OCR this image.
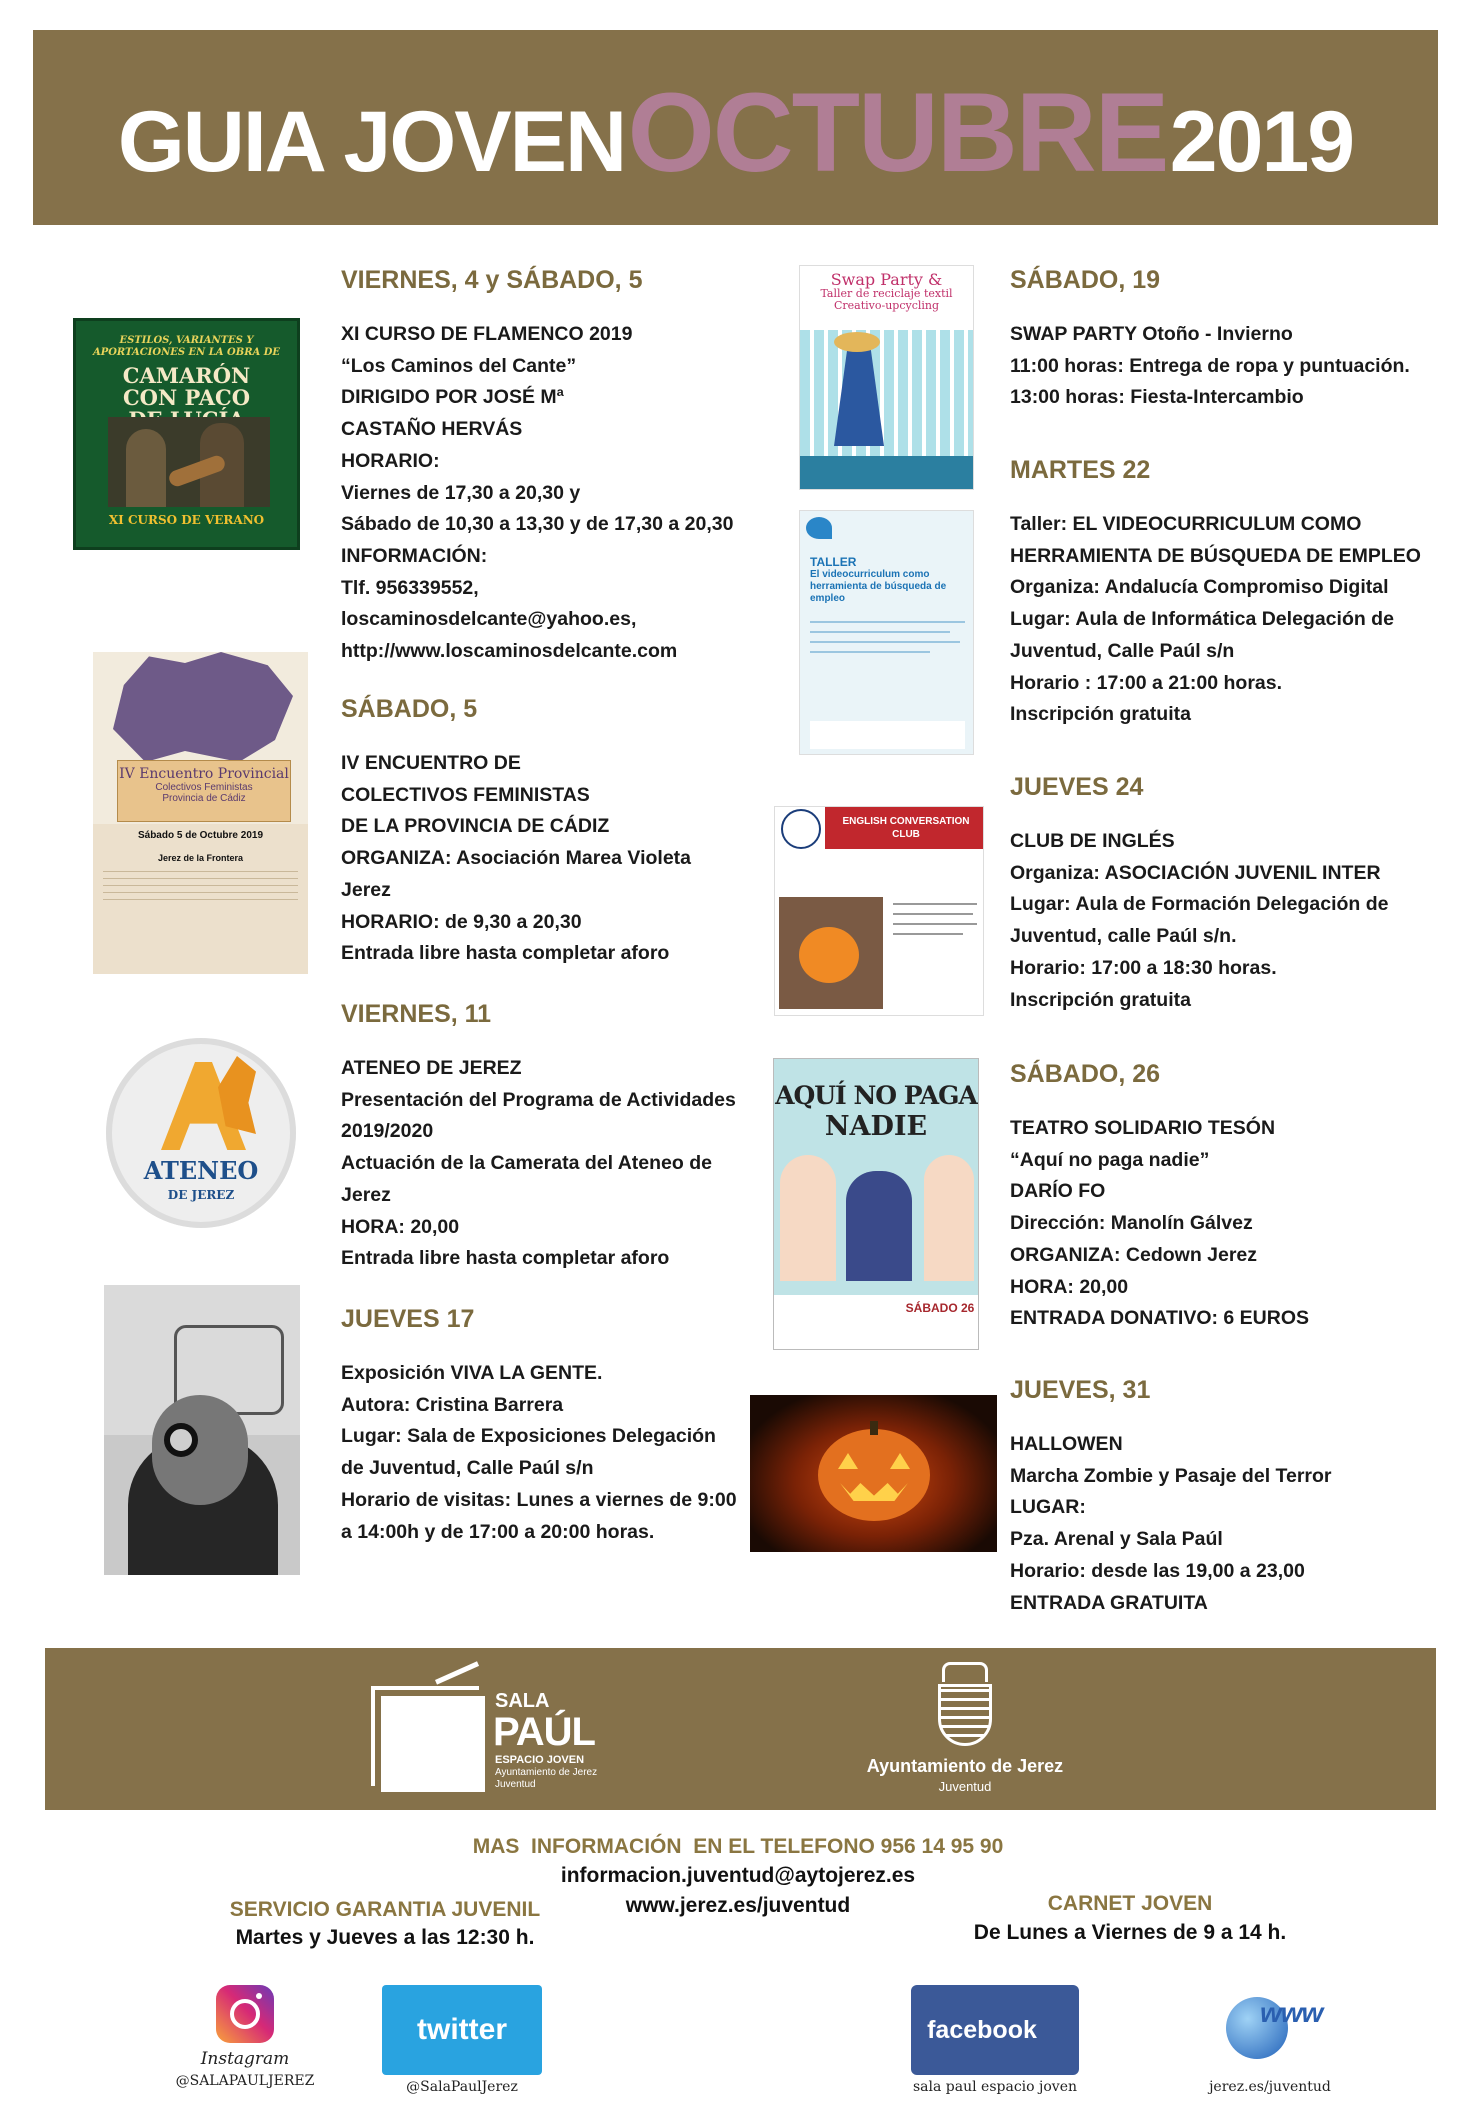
GUIA JOVEN OCTUBRE 2019
ESTILOS, VARIANTES Y APORTACIONES EN LA OBRA DE
CAMARÓN CON PACO
XI CURSO DE VERANO
IV Encuentro Provincial
Colectivos Feministas
Provincia de Cádiz
Sábado 5 de Octubre 2019
Jerez de la Frontera
ATENEO
DE JEREZ
Swap Party &
Taller de reciclaje textil Creativo-upcycling
TALLER
El videocurriculum como herramienta de búsqueda de empleo
ENGLISH CONVERSATION CLUB
AQUÍ NO PAGA
NADIE
SÁBADO 26
VIERNES, 4 y SÁBADO, 5
XI CURSO DE FLAMENCO 2019
“Los Caminos del Cante”
DIRIGIDO POR JOSÉ Mª
CASTAÑO HERVÁS
HORARIO:
Viernes de 17,30 a 20,30 y
Sábado de 10,30 a 13,30 y de 17,30 a 20,30
INFORMACIÓN:
Tlf. 956339552,
loscaminosdelcante@yahoo.es,
http://www.loscaminosdelcante.com
SÁBADO, 5
IV ENCUENTRO DE
COLECTIVOS FEMINISTAS
DE LA PROVINCIA DE CÁDIZ
ORGANIZA: Asociación Marea Violeta
Jerez
HORARIO: de 9,30 a 20,30
Entrada libre hasta completar aforo
VIERNES, 11
ATENEO DE JEREZ
Presentación del Programa de Actividades
2019/2020
Actuación de la Camerata del Ateneo de
Jerez
HORA: 20,00
Entrada libre hasta completar aforo
JUEVES 17
Exposición VIVA LA GENTE.
Autora: Cristina Barrera
Lugar: Sala de Exposiciones Delegación
de Juventud, Calle Paúl s/n
Horario de visitas: Lunes a viernes de 9:00
a 14:00h y de 17:00 a 20:00 horas.
SÁBADO, 19
SWAP PARTY Otoño - Invierno
11:00 horas: Entrega de ropa y puntuación.
13:00 horas: Fiesta-Intercambio
MARTES 22
Taller: EL VIDEOCURRICULUM COMO
HERRAMIENTA DE BÚSQUEDA DE EMPLEO
Organiza: Andalucía Compromiso Digital
Lugar: Aula de Informática Delegación de
Juventud, Calle Paúl s/n
Horario : 17:00 a 21:00 horas.
Inscripción gratuita
JUEVES 24
CLUB DE INGLÉS
Organiza: ASOCIACIÓN JUVENIL INTER
Lugar: Aula de Formación Delegación de
Juventud, calle Paúl s/n.
Horario: 17:00 a 18:30 horas.
Inscripción gratuita
SÁBADO, 26
TEATRO SOLIDARIO TESÓN
“Aquí no paga nadie”
DARÍO FO
Dirección: Manolín Gálvez
ORGANIZA: Cedown Jerez
HORA: 20,00
ENTRADA DONATIVO: 6 EUROS
JUEVES, 31
HALLOWEN
Marcha Zombie y Pasaje del Terror
LUGAR:
Pza. Arenal y Sala Paúl
Horario: desde las 19,00 a 23,00
ENTRADA GRATUITA
SALA
PAÚL
ESPACIO JOVEN
Ayuntamiento de Jerez
Juventud
Ayuntamiento de Jerez
Juventud
MAS  INFORMACIÓN  EN EL TELEFONO 956 14 95 90
informacion.juventud@aytojerez.es
www.jerez.es/juventud
SERVICIO GARANTIA JUVENIL
Martes y Jueves a las 12:30 h.
CARNET JOVEN
De Lunes a Viernes de 9 a 14 h.
Instagram
@SALAPAULJEREZ
twitter
@SalaPaulJerez
facebook
sala paul espacio joven
www
jerez.es/juventud
